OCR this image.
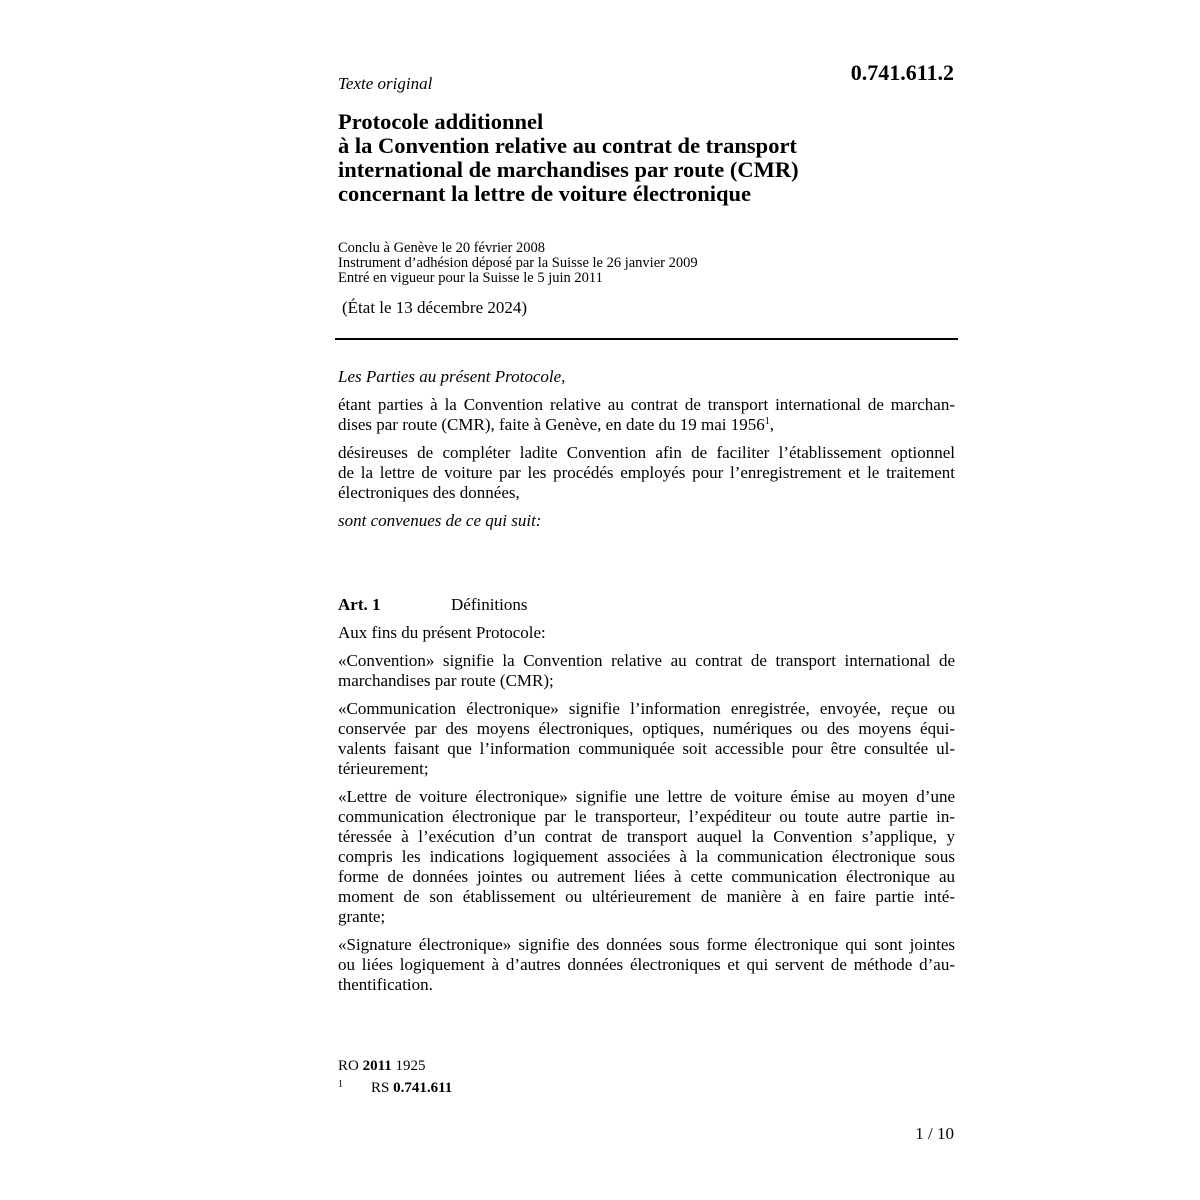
Texte original	0.741.611.2

Protocole additionnel
à la Convention relative au contrat de transport
international de marchandises par route (CMR)
concernant la lettre de voiture électronique
Conclu à Genève le 20 février 2008
Instrument d’adhésion déposé par la Suisse le 26 janvier 2009
Entré en vigueur pour la Suisse le 5 juin 2011

(État le 13 décembre 2024)

Les Parties au présent Protocole,

étant parties à la Convention relative au contrat de transport international de marchan-
dises par route (CMR), faite à Genève, en date du 19 mai 1956$^1$,

désireuses de compléter ladite Convention afin de faciliter l’établissement optionnel
de la lettre de voiture par les procédés employés pour l’enregistrement et le traitement
électroniques des données,

sont convenues de ce qui suit:

Art. 1	Définitions

Aux fins du présent Protocole:

«Convention» signifie la Convention relative au contrat de transport international de
marchandises par route (CMR);

«Communication électronique» signifie l’information enregistrée, envoyée, reçue ou
conservée par des moyens électroniques, optiques, numériques ou des moyens équi-
valents faisant que l’information communiquée soit accessible pour être consultée ul-
térieurement;

«Lettre de voiture électronique» signifie une lettre de voiture émise au moyen d’une
communication électronique par le transporteur, l’expéditeur ou toute autre partie in-
téressée à l’exécution d’un contrat de transport auquel la Convention s’applique, y
compris les indications logiquement associées à la communication électronique sous
forme de données jointes ou autrement liées à cette communication électronique au
moment de son établissement ou ultérieurement de manière à en faire partie inté-
grante;

«Signature électronique» signifie des données sous forme électronique qui sont jointes
ou liées logiquement à d’autres données électroniques et qui servent de méthode d’au-
thentification.

RO 2011 1925

1 RS 0.741.611

1 / 10
